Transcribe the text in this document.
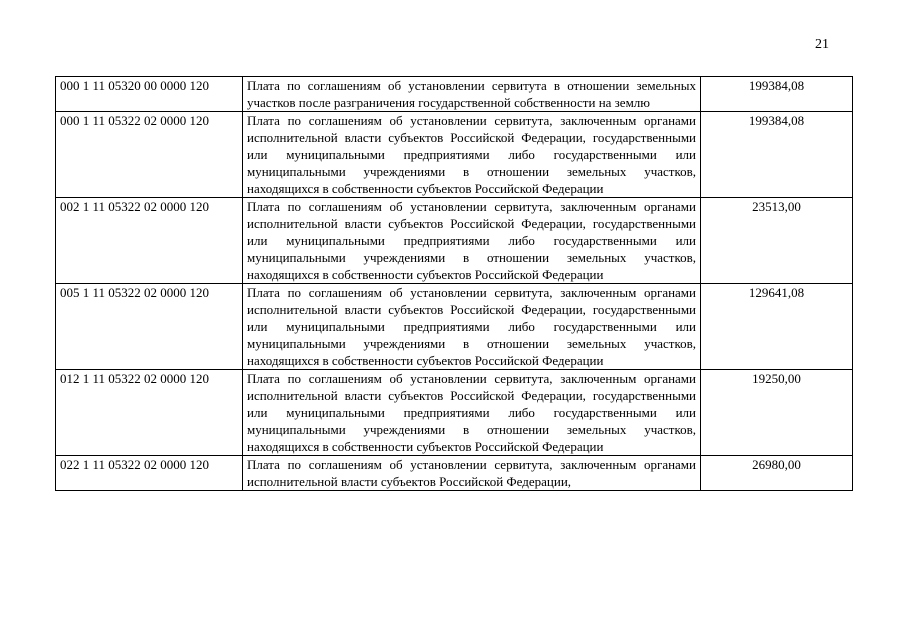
21
000 1 11 05320 00 0000 120	Плата по соглашениям об установлении сервитута в отношении земельных участков после разграничения государственной собственности на землю	199384,08
000 1 11 05322 02 0000 120	Плата по соглашениям об установлении сервитута, заключенным органами исполнительной власти субъектов Российской Федерации, государственными или муниципальными предприятиями либо государственными или муниципальными учреждениями в отношении земельных участков, находящихся в собственности субъектов Российской Федерации	199384,08
002 1 11 05322 02 0000 120	Плата по соглашениям об установлении сервитута, заключенным органами исполнительной власти субъектов Российской Федерации, государственными или муниципальными предприятиями либо государственными или муниципальными учреждениями в отношении земельных участков, находящихся в собственности субъектов Российской Федерации	23513,00
005 1 11 05322 02 0000 120	Плата по соглашениям об установлении сервитута, заключенным органами исполнительной власти субъектов Российской Федерации, государственными или муниципальными предприятиями либо государственными или муниципальными учреждениями в отношении земельных участков, находящихся в собственности субъектов Российской Федерации	129641,08
012 1 11 05322 02 0000 120	Плата по соглашениям об установлении сервитута, заключенным органами исполнительной власти субъектов Российской Федерации, государственными или муниципальными предприятиями либо государственными или муниципальными учреждениями в отношении земельных участков, находящихся в собственности субъектов Российской Федерации	19250,00
022 1 11 05322 02 0000 120	Плата по соглашениям об установлении сервитута, заключенным органами исполнительной власти субъектов Российской Федерации,	26980,00
